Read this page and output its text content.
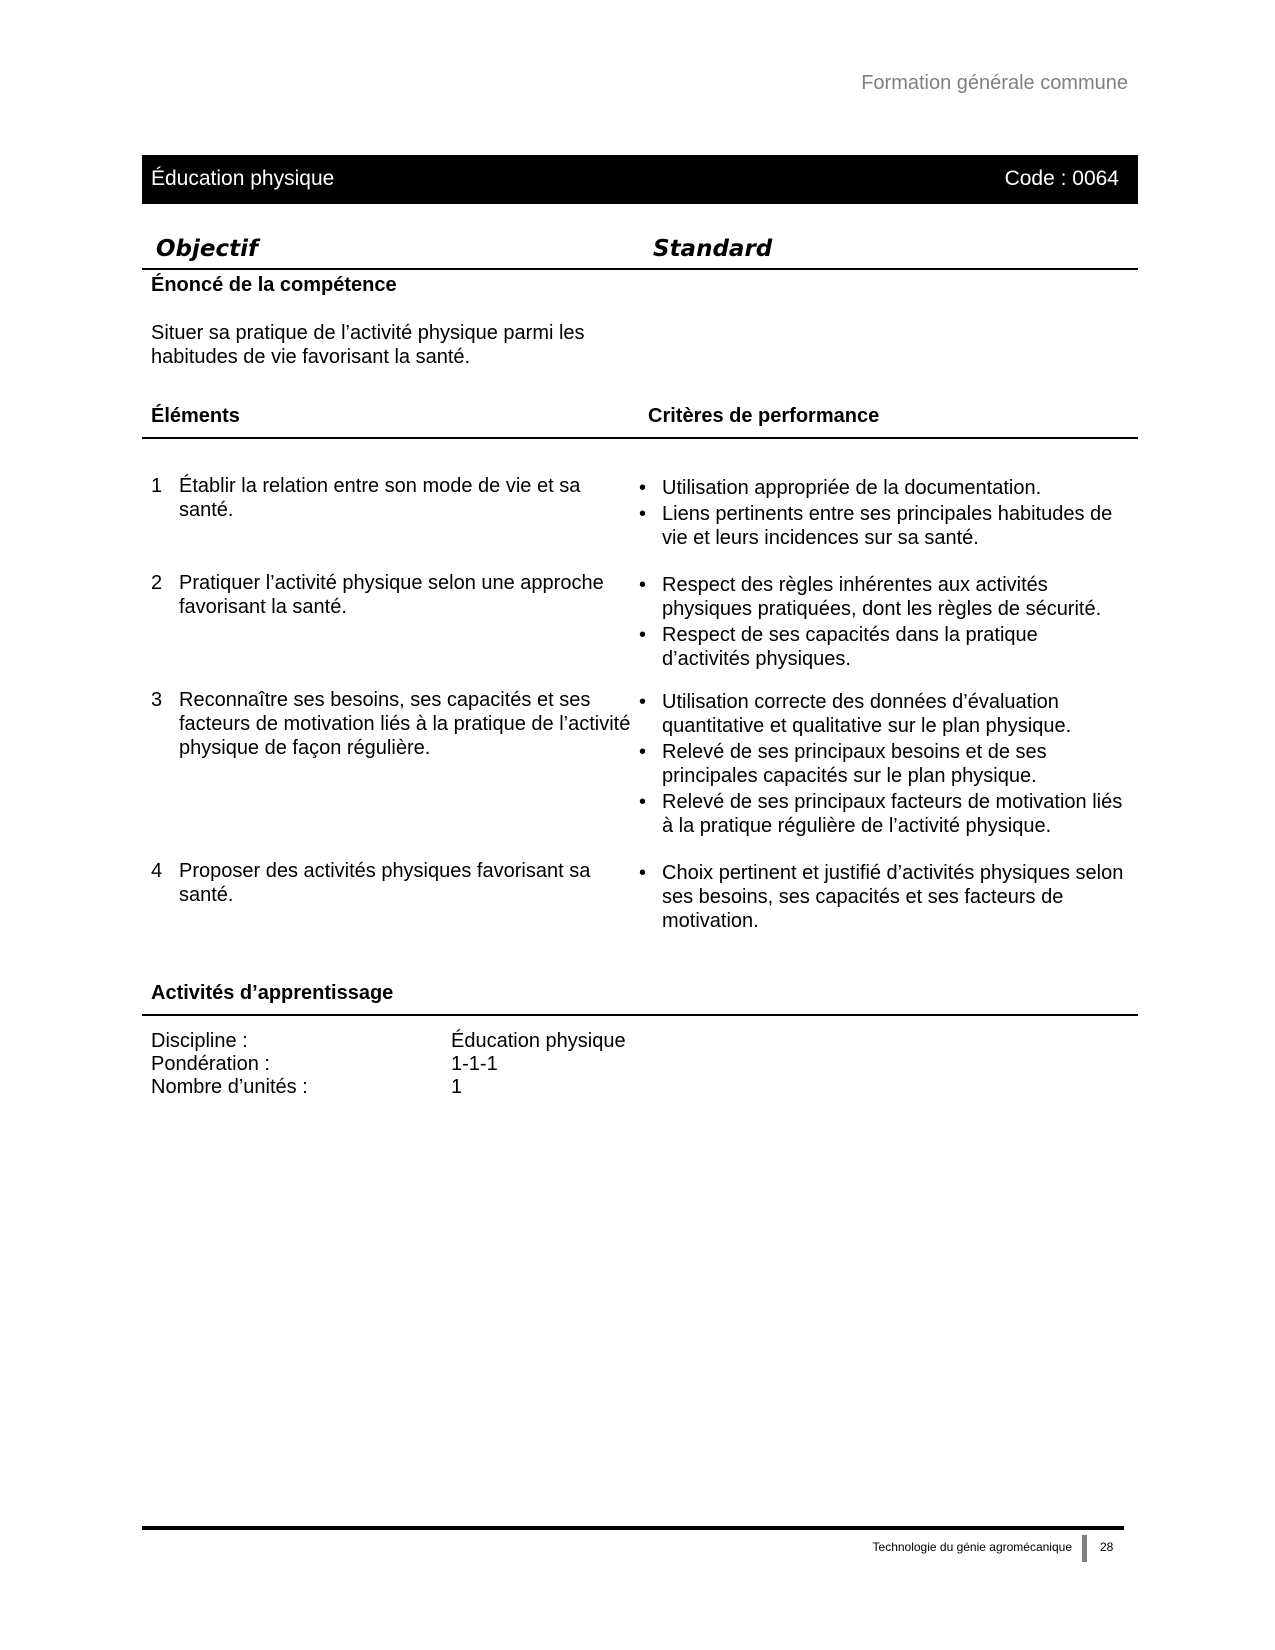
Formation générale commune
Éducation physique	Code : 0064
Objectif	Standard
Énoncé de la compétence
Situer sa pratique de l’activité physique parmi les habitudes de vie favorisant la santé.
Éléments	Critères de performance
1 Établir la relation entre son mode de vie et sa santé.
• Utilisation appropriée de la documentation.
• Liens pertinents entre ses principales habitudes de vie et leurs incidences sur sa santé.
2 Pratiquer l’activité physique selon une approche favorisant la santé.
• Respect des règles inhérentes aux activités physiques pratiquées, dont les règles de sécurité.
• Respect de ses capacités dans la pratique d’activités physiques.
3 Reconnaître ses besoins, ses capacités et ses facteurs de motivation liés à la pratique de l’activité physique de façon régulière.
• Utilisation correcte des données d’évaluation quantitative et qualitative sur le plan physique.
• Relevé de ses principaux besoins et de ses principales capacités sur le plan physique.
• Relevé de ses principaux facteurs de motivation liés à la pratique régulière de l’activité physique.
4 Proposer des activités physiques favorisant sa santé.
• Choix pertinent et justifié d’activités physiques selon ses besoins, ses capacités et ses facteurs de motivation.
Activités d’apprentissage
Discipline :	Éducation physique
Pondération :	1-1-1
Nombre d’unités :	1
Technologie du génie agromécanique 28
